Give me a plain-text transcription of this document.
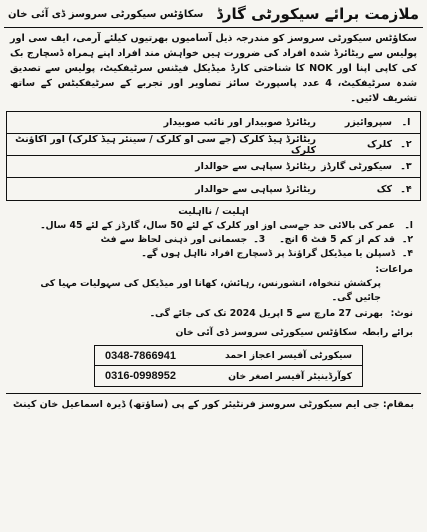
ملازمت برائے سیکورٹی گارڈ
سکاؤٹس سیکورٹی سروسز ڈی آئی خان
سکاؤٹس سیکورٹی سروسز کو مندرجہ ذیل آسامیوں بھرتیوں کیلئے آرمی، ایف سی اور پولیس سے ریٹائرڈ شدہ افراد کی ضرورت ہیں خواہش مند افراد اپنے ہمراہ ڈسچارج بک کی کاپی اپنا اور NOK کا شناختی کارڈ میڈیکل فیٹنس سرٹیفکیٹ، پولیس سے تصدیق شدہ سرٹیفکیٹ، 4 عدد پاسپورٹ سائز تصاویر اور تجربے کے سرٹیفکیٹس کے ساتھ تشریف لائیں۔
ا۔
سپروائیزر
ریٹائرڈ صوبیدار اور نائب صوبیدار
۲۔
کلرک
ریٹائرڈ ہیڈ کلرک (جے سی او کلرک / سینئر ہیڈ کلرک) اور اکاؤنٹ کلرک
۳۔
سیکورٹی گارڈز
ریٹائرڈ سپاہی سے حوالدار
۴۔
کک
ریٹائرڈ سپاہی سے حوالدار
اہلیت / نااہلیت
ا۔
عمر کی بالائی حد جےسی اوز اور کلرک کے لئے 50 سال، گارڈز کے لئے 45 سال۔
۲۔
قد کم از کم 5 فٹ 6 انچ۔
3۔
جسمانی اور ذہنی لحاظ سے فٹ
۴۔
ڈسپلن یا میڈیکل گراؤنڈ پر ڈسچارج افراد نااہل ہوں گے۔
مراعات:
پرکشش تنخواہ، انشورنس، رہائش، کھانا اور میڈیکل کی سہولیات مہیا کی جائیں گی۔
نوٹ:
بھرتی 27 مارچ سے 5 اپریل 2024 تک کی جائے گی۔
برائے رابطہ
سکاؤٹس سیکورٹی سروسز ڈی آئی خان
سیکورٹی آفیسر اعجاز احمد
0348-7866941
کوآرڈینیٹر آفیسر اصغر خان
0316-0998952
بمقام: جی ایم سیکورٹی سروسز فرنٹیئر کور کے پی (ساؤتھ) ڈیرہ اسماعیل خان کینٹ
